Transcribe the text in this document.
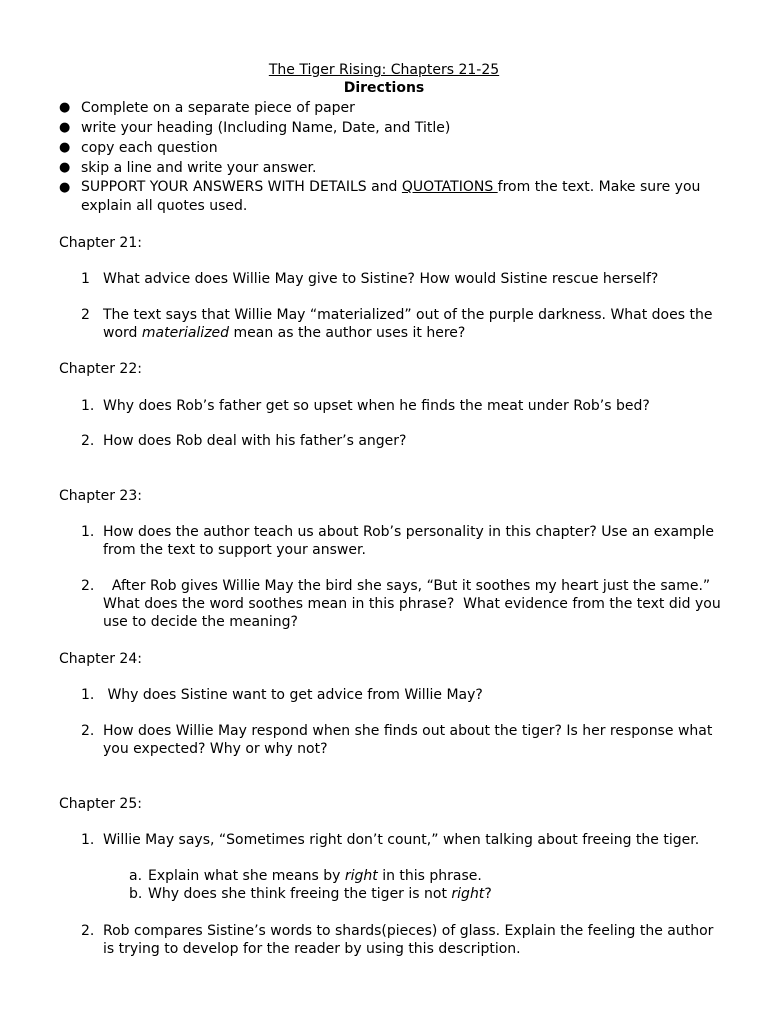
The Tiger Rising: Chapters 21-25
Directions
● Complete on a separate piece of paper
● write your heading (Including Name, Date, and Title)
● copy each question
● skip a line and write your answer.
● SUPPORT YOUR ANSWERS WITH DETAILS and QUOTATIONS from the text. Make sure you explain all quotes used.
Chapter 21:
1 What advice does Willie May give to Sistine? How would Sistine rescue herself?
2 The text says that Willie May “materialized” out of the purple darkness. What does the word materialized mean as the author uses it here?
Chapter 22:
1. Why does Rob’s father get so upset when he finds the meat under Rob’s bed?
2. How does Rob deal with his father’s anger?
Chapter 23:
1. How does the author teach us about Rob’s personality in this chapter? Use an example from the text to support your answer.
2. After Rob gives Willie May the bird she says, “But it soothes my heart just the same.”  What does the word soothes mean in this phrase?  What evidence from the text did you use to decide the meaning?
Chapter 24:
1. Why does Sistine want to get advice from Willie May?
2. How does Willie May respond when she finds out about the tiger? Is her response what you expected? Why or why not?
Chapter 25:
1. Willie May says, “Sometimes right don’t count,” when talking about freeing the tiger.
a. Explain what she means by right in this phrase.
b. Why does she think freeing the tiger is not right?
2. Rob compares Sistine’s words to shards(pieces) of glass. Explain the feeling the author is trying to develop for the reader by using this description.
